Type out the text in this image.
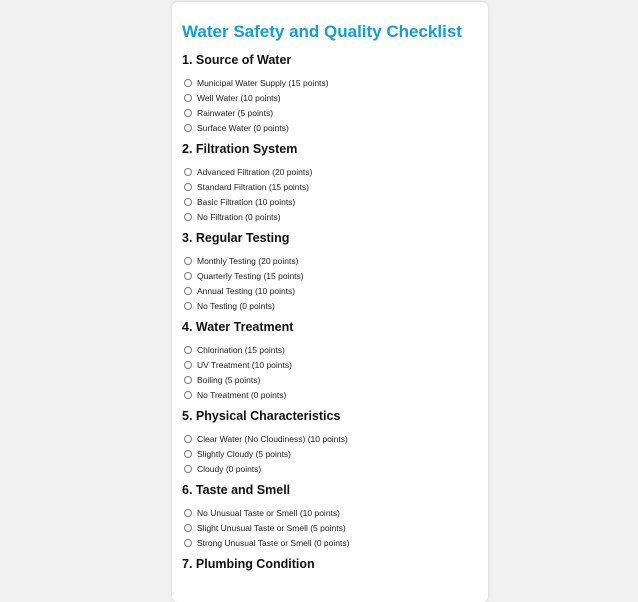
Water Safety and Quality Checklist
1. Source of Water
Municipal Water Supply (15 points)
Well Water (10 points)
Rainwater (5 points)
Surface Water (0 points)
2. Filtration System
Advanced Filtration (20 points)
Standard Filtration (15 points)
Basic Filtration (10 points)
No Filtration (0 points)
3. Regular Testing
Monthly Testing (20 points)
Quarterly Testing (15 points)
Annual Testing (10 points)
No Testing (0 points)
4. Water Treatment
Chlorination (15 points)
UV Treatment (10 points)
Boiling (5 points)
No Treatment (0 points)
5. Physical Characteristics
Clear Water (No Cloudiness) (10 points)
Slightly Cloudy (5 points)
Cloudy (0 points)
6. Taste and Smell
No Unusual Taste or Smell (10 points)
Slight Unusual Taste or Smell (5 points)
Strong Unusual Taste or Smell (0 points)
7. Plumbing Condition
